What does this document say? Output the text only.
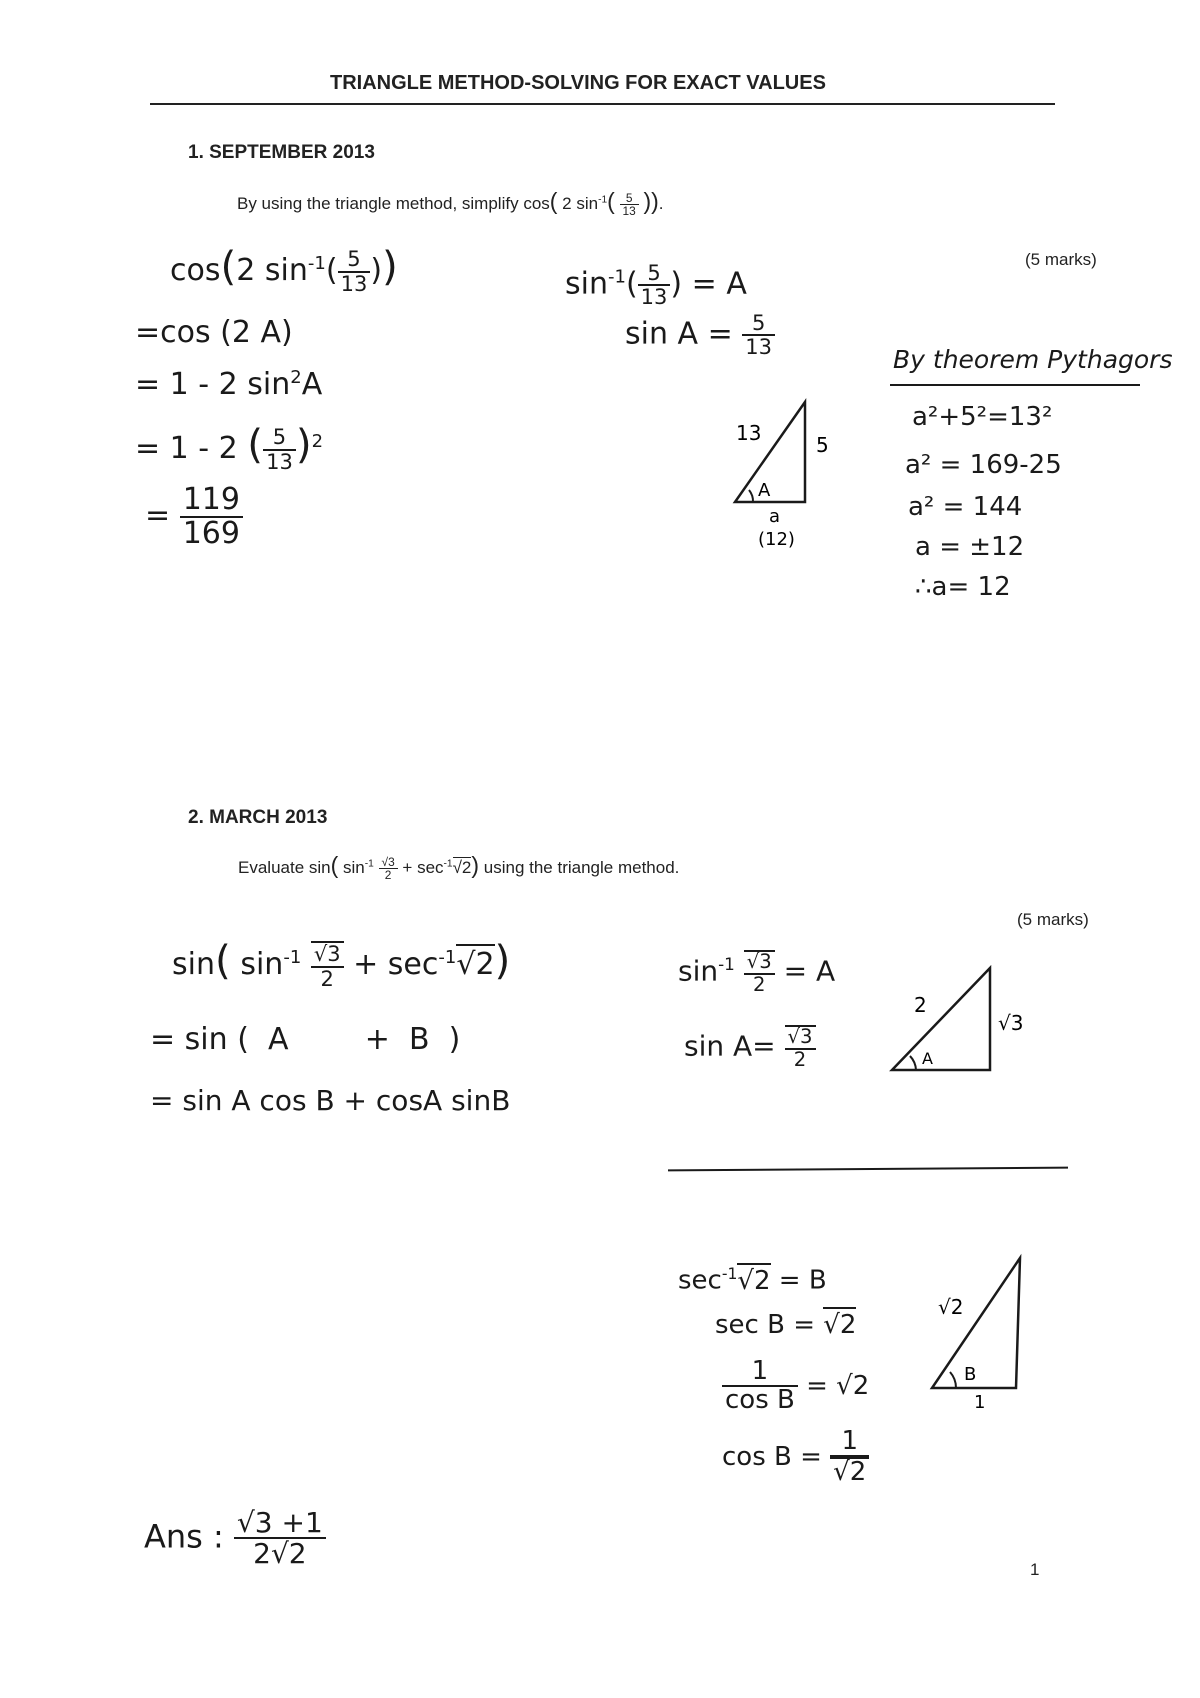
TRIANGLE METHOD-SOLVING FOR EXACT VALUES
1. SEPTEMBER 2013
By using the triangle method, simplify cos( 2 $\sin^{-1}( \frac{5}{13}$ )).
(5 marks)
cos(2 $\sin^{-1}( \frac{5}{13}$ ))
=cos (2 A)
= 1 - 2 $\sin^2A$
= 1 - 2 ( $\frac{5}{13} )^2$
= $\frac{119}{169}$
$\sin^{-1}( \frac{5}{13}$ ) = A
$\sin A = \frac{5}{13}$
13	5
A
a
(12)
By theorem Pythagors
a²+5²=13²
a² = 169-25
a² = 144
a = ±12
∴a= 12
2. MARCH 2013
Evaluate sin( $\sin^{-1} \frac{√3}{2} + \sec^{-1}√2$) using the triangle method.
(5 marks)
sin( $\sin^{-1} \frac{√3}{2} + \sec^{-1}√2$)
= sin (  A        +  B  )
= sin A cos B + cosA sinB
$\sin^{-1} \frac{√3}{2} = A$
$\sin A= \frac{√3}{2}$
2
√3
A
$\sec^{-1}√2 = B$
sec B = √2
$\frac{1}{\text{cos B}} = √2$
$\cos B = \frac{1}{√2}$
√2
B
1
Ans : $\frac{√3 +1}{2√2}$
1
